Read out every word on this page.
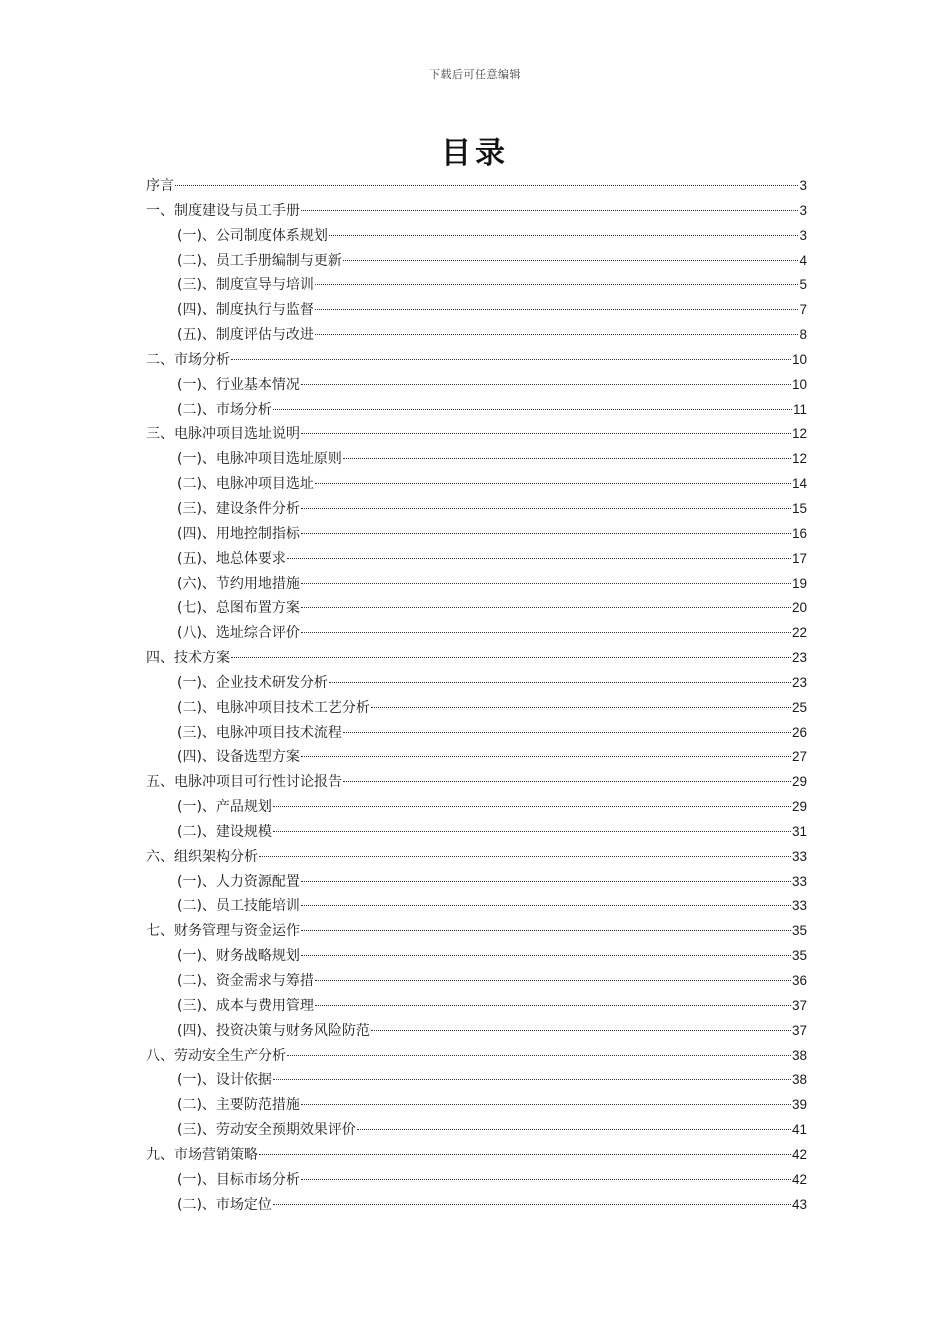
下载后可任意编辑
目录
序言	3
一、制度建设与员工手册	3
(一)、公司制度体系规划	3
(二)、员工手册编制与更新	4
(三)、制度宣导与培训	5
(四)、制度执行与监督	7
(五)、制度评估与改进	8
二、市场分析	10
(一)、行业基本情况	10
(二)、市场分析	11
三、电脉冲项目选址说明	12
(一)、电脉冲项目选址原则	12
(二)、电脉冲项目选址	14
(三)、建设条件分析	15
(四)、用地控制指标	16
(五)、地总体要求	17
(六)、节约用地措施	19
(七)、总图布置方案	20
(八)、选址综合评价	22
四、技术方案	23
(一)、企业技术研发分析	23
(二)、电脉冲项目技术工艺分析	25
(三)、电脉冲项目技术流程	26
(四)、设备选型方案	27
五、电脉冲项目可行性讨论报告	29
(一)、产品规划	29
(二)、建设规模	31
六、组织架构分析	33
(一)、人力资源配置	33
(二)、员工技能培训	33
七、财务管理与资金运作	35
(一)、财务战略规划	35
(二)、资金需求与筹措	36
(三)、成本与费用管理	37
(四)、投资决策与财务风险防范	37
八、劳动安全生产分析	38
(一)、设计依据	38
(二)、主要防范措施	39
(三)、劳动安全预期效果评价	41
九、市场营销策略	42
(一)、目标市场分析	42
(二)、市场定位	43
